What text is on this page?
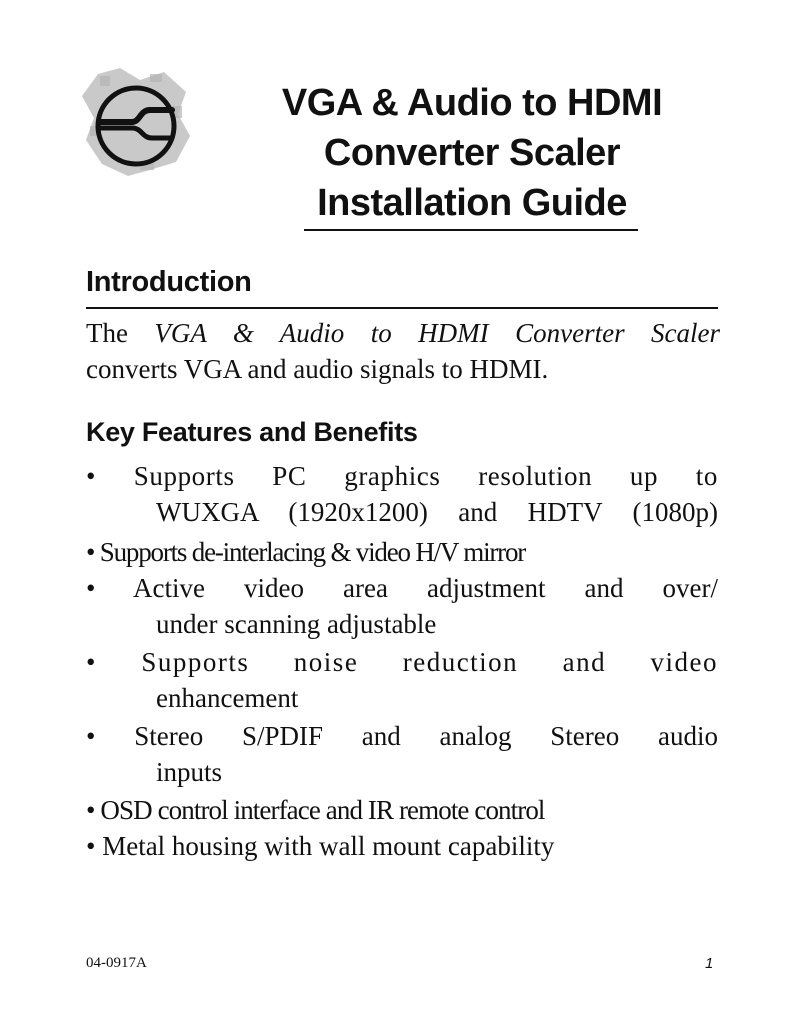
VGA & Audio to HDMI
Converter Scaler
Installation Guide
Introduction

The VGA & Audio to HDMI Converter Scaler

converts VGA and audio signals to HDMI.

Key Features and Benefits
• Supports PC graphics resolution up to
WUXGA (1920x1200) and HDTV (1080p)
• Supports de-interlacing & video H/V mirror
• Active video area adjustment and over/
under scanning adjustable
• Supports noise reduction and video
enhancement
• Stereo S/PDIF and analog Stereo audio
inputs
• OSD control interface and IR remote control
• Metal housing with wall mount capability
04-0917A	1
